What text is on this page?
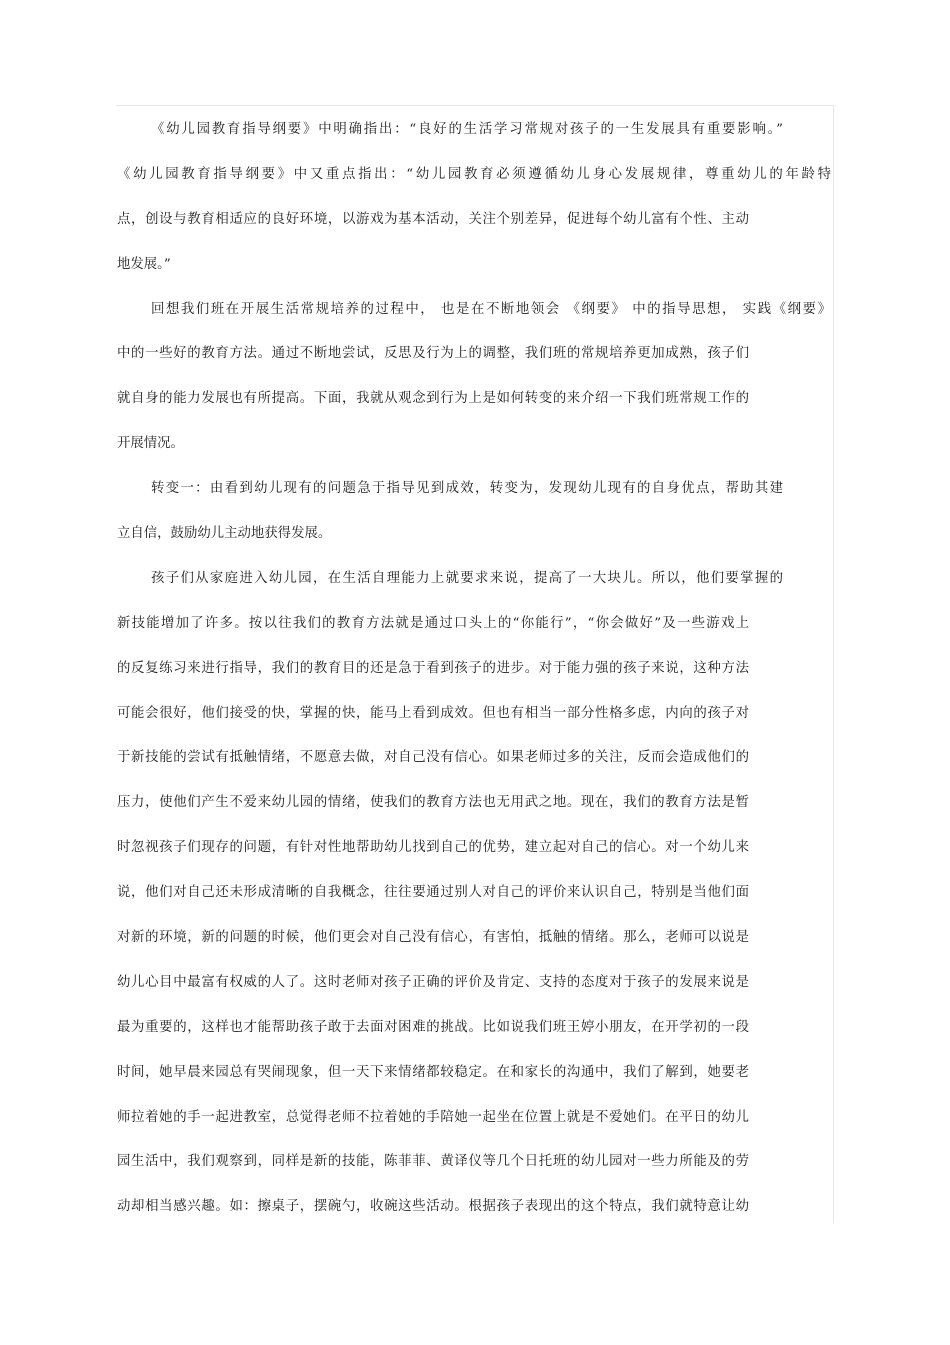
《幼儿园教育指导纲要》中明确指出：“良好的生活学习常规对孩子的一生发展具有重要影响。”
《幼儿园教育指导纲要》中又重点指出：“幼儿园教育必须遵循幼儿身心发展规律，尊重幼儿的年龄特
点，创设与教育相适应的良好环境，以游戏为基本活动，关注个别差异，促进每个幼儿富有个性、主动
地发展。”
回想我们班在开展生活常规培养的过程中， 也是在不断地领会 《纲要》 中的指导思想， 实践《纲要》
中的一些好的教育方法。通过不断地尝试，反思及行为上的调整，我们班的常规培养更加成熟，孩子们
就自身的能力发展也有所提高。下面，我就从观念到行为上是如何转变的来介绍一下我们班常规工作的
开展情况。
转变一：由看到幼儿现有的问题急于指导见到成效，转变为，发现幼儿现有的自身优点，帮助其建
立自信，鼓励幼儿主动地获得发展。
孩子们从家庭进入幼儿园，在生活自理能力上就要求来说，提高了一大块儿。所以，他们要掌握的
新技能增加了许多。按以往我们的教育方法就是通过口头上的“你能行”，“你会做好”及一些游戏上
的反复练习来进行指导，我们的教育目的还是急于看到孩子的进步。对于能力强的孩子来说，这种方法
可能会很好，他们接受的快，掌握的快，能马上看到成效。但也有相当一部分性格多虑，内向的孩子对
于新技能的尝试有抵触情绪，不愿意去做，对自己没有信心。如果老师过多的关注，反而会造成他们的
压力，使他们产生不爱来幼儿园的情绪，使我们的教育方法也无用武之地。现在，我们的教育方法是暂
时忽视孩子们现存的问题，有针对性地帮助幼儿找到自己的优势，建立起对自己的信心。对一个幼儿来
说，他们对自己还未形成清晰的自我概念，往往要通过别人对自己的评价来认识自己，特别是当他们面
对新的环境，新的问题的时候，他们更会对自己没有信心，有害怕，抵触的情绪。那么，老师可以说是
幼儿心目中最富有权威的人了。这时老师对孩子正确的评价及肯定、支持的态度对于孩子的发展来说是
最为重要的，这样也才能帮助孩子敢于去面对困难的挑战。比如说我们班王婷小朋友，在开学初的一段
时间，她早晨来园总有哭闹现象，但一天下来情绪都较稳定。在和家长的沟通中，我们了解到，她要老
师拉着她的手一起进教室，总觉得老师不拉着她的手陪她一起坐在位置上就是不爱她们。在平日的幼儿
园生活中，我们观察到，同样是新的技能，陈菲菲、黄译仪等几个日托班的幼儿园对一些力所能及的劳
动却相当感兴趣。如：擦桌子，摆碗勺，收碗这些活动。根据孩子表现出的这个特点，我们就特意让幼
